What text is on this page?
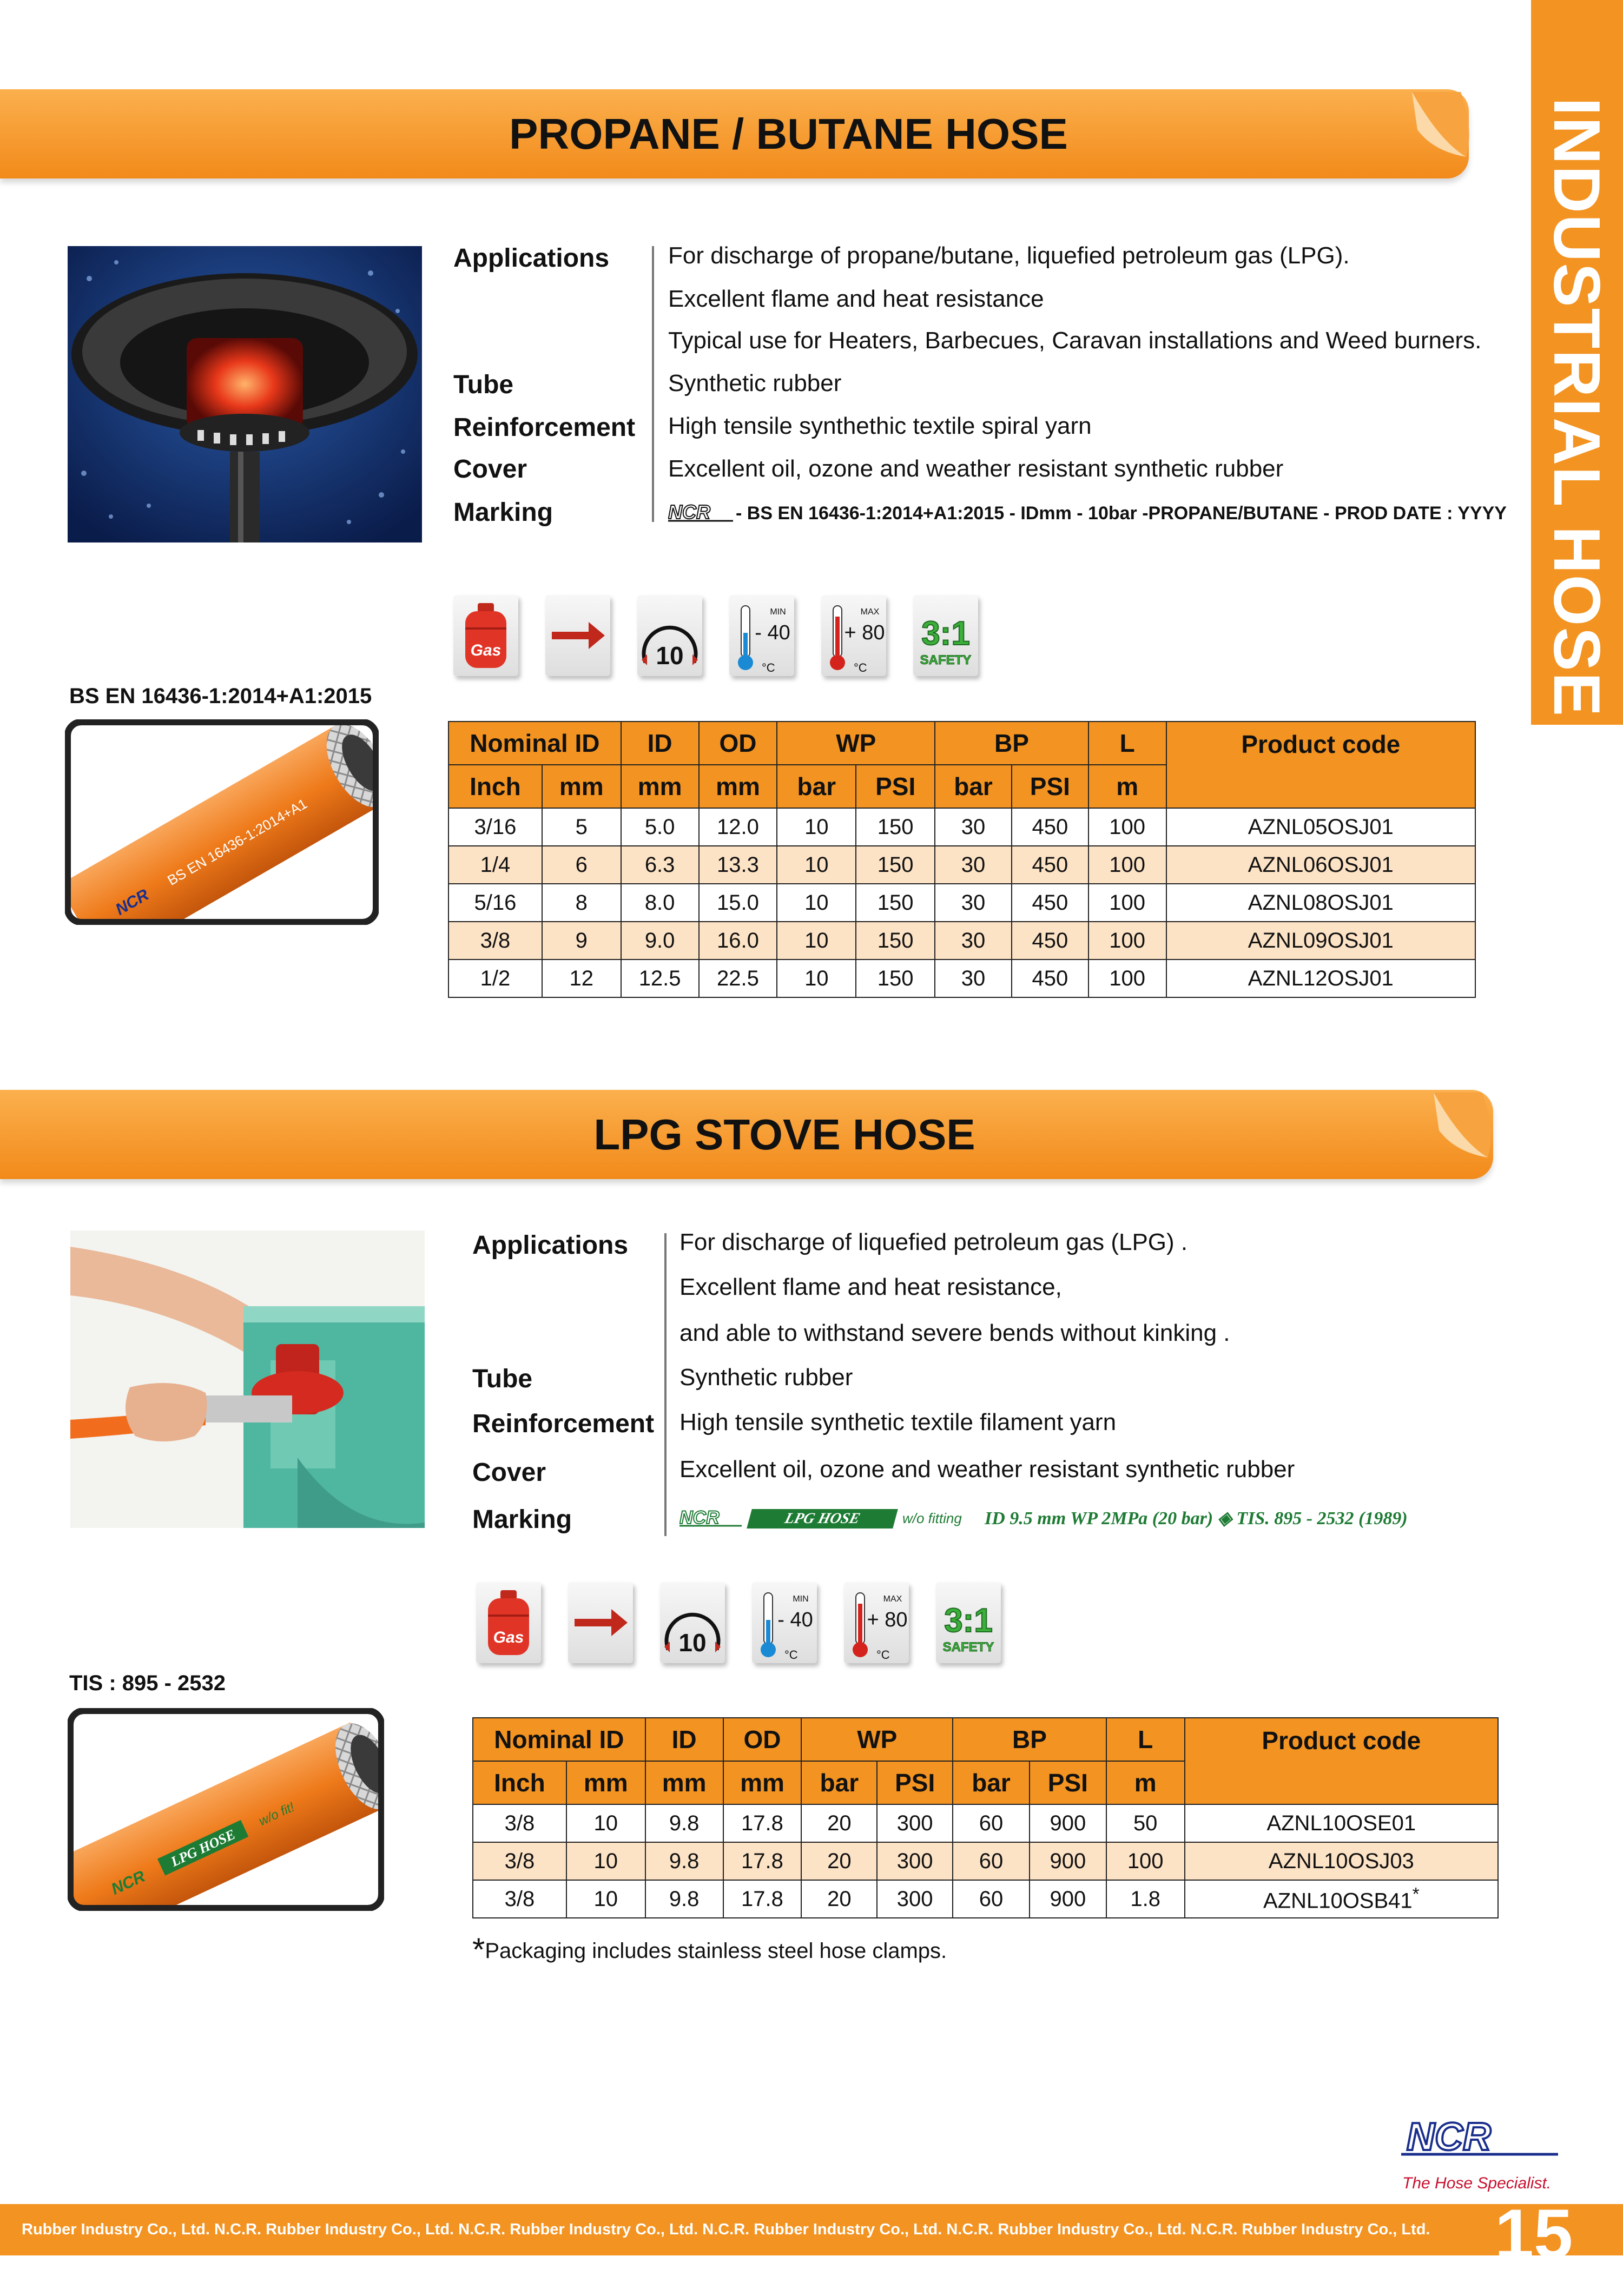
INDUSTRIAL HOSE
PROPANE / BUTANE HOSE
Applications For discharge of propane/butane, liquefied petroleum gas (LPG).
Excellent flame and heat resistance
Typical use for Heaters, Barbecues, Caravan installations and Weed burners.
Tube	Synthetic rubber
Reinforcement High tensile synthethic textile spiral yarn
Cover	Excellent oil, ozone and weather resistant synthetic rubber
Marking	NCR - BS EN 16436-1:2014+A1:2015 - IDmm - 10bar -PROPANE/BUTANE - PROD DATE : YYYY
Gas	10
MIN
- 40
°C
MAX
+ 80
°C
3:1
SAFETY
BS EN 16436-1:2014+A1:2015
NCR
BS EN 16436-1:2014+A1
Nominal ID		ID	OD	WP		BP		L	Product code
Inch	mm	mm	mm	bar	PSI	bar	PSI	m	
3/16	5	5.0	12.0	10	150	30	450	100	AZNL05OSJ01
1/4	6	6.3	13.3	10	150	30	450	100	AZNL06OSJ01
5/16	8	8.0	15.0	10	150	30	450	100	AZNL08OSJ01
3/8	9	9.0	16.0	10	150	30	450	100	AZNL09OSJ01
1/2	12	12.5	22.5	10	150	30	450	100	AZNL12OSJ01
LPG STOVE HOSE
Applications For discharge of liquefied petroleum gas (LPG) .
Excellent flame and heat resistance,
and able to withstand severe bends without kinking .
Tube	Synthetic rubber
Reinforcement High tensile synthetic textile filament yarn
Cover	Excellent oil, ozone and weather resistant synthetic rubber
Marking	NCR	LPG HOSE	w/o fitting ID 9.5 mm WP 2MPa (20 bar) ◈ TIS. 895 - 2532 (1989)
Gas	10
MIN
- 40
°C
MAX
+ 80
°C
3:1
SAFETY
TIS : 895 - 2532
NCR
LPG HOSE
w/o fit!
Nominal ID		ID	OD	WP		BP		L	Product code
Inch	mm	mm	mm	bar	PSI	bar	PSI	m	
3/8	10	9.8	17.8	20	300	60	900	50	AZNL10OSE01
3/8	10	9.8	17.8	20	300	60	900	100	AZNL10OSJ03
3/8	10	9.8	17.8	20	300	60	900	1.8	AZNL10OSB41*
*Packaging includes stainless steel hose clamps.
NCR
The Hose Specialist.
Rubber Industry Co., Ltd. N.C.R. Rubber Industry Co., Ltd. N.C.R. Rubber Industry Co., Ltd. N.C.R. Rubber Industry Co., Ltd. N.C.R. Rubber Industry Co., Ltd. N.C.R. Rubber Industry Co., Ltd. 15
